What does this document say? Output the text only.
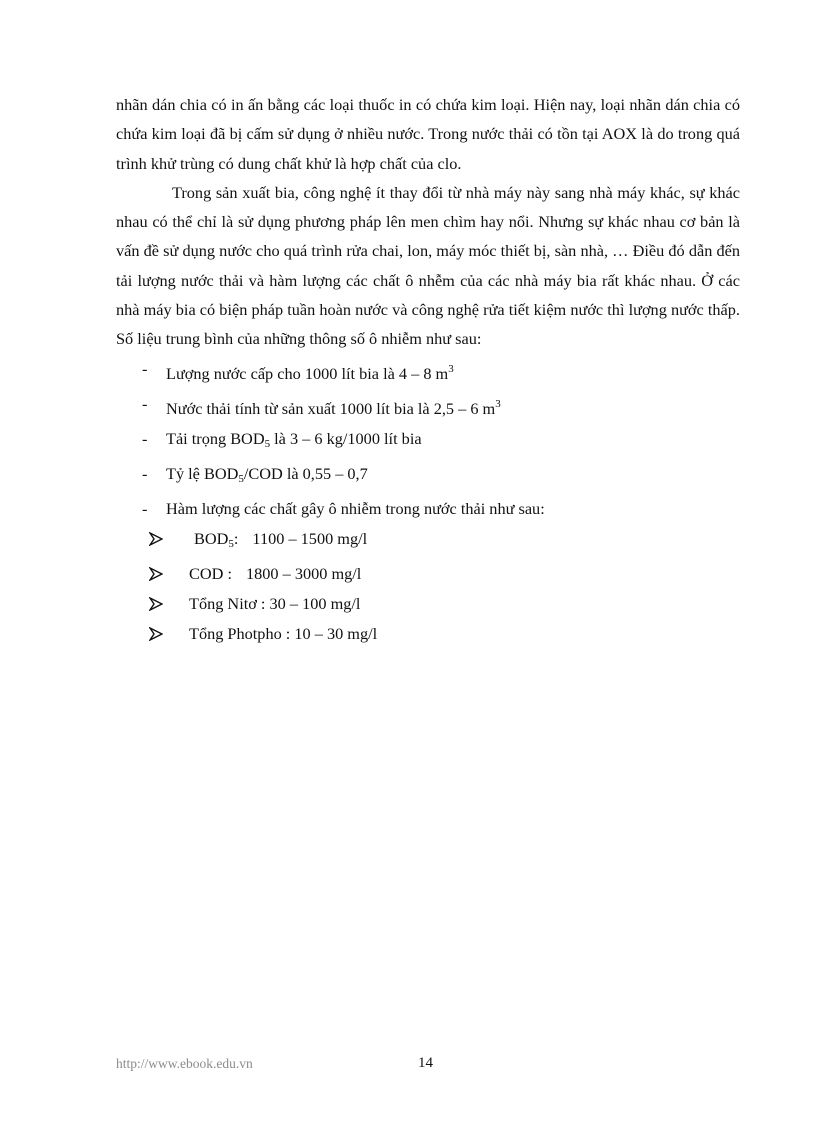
nhãn dán chia có in ấn bằng các loại thuốc in có chứa kim loại. Hiện nay, loại nhãn dán chia có chứa kim loại đã bị cấm sử dụng ở nhiều nước. Trong nước thải có tồn tại AOX là do trong quá trình khử trùng có dung chất khử là hợp chất của clo.

Trong sản xuất bia, công nghệ ít thay đổi từ nhà máy này sang nhà máy khác, sự khác nhau có thể chỉ là sử dụng phương pháp lên men chìm hay nổi. Nhưng sự khác nhau cơ bản là vấn đề sử dụng nước cho quá trình rửa chai, lon, máy móc thiết bị, sàn nhà, … Điều đó dẫn đến tải lượng nước thải và hàm lượng các chất ô nhễm của các nhà máy bia rất khác nhau. Ở các nhà máy bia có biện pháp tuần hoàn nước và công nghệ rửa tiết kiệm nước thì lượng nước thấp. Số liệu trung bình của những thông số ô nhiễm như sau:

- Lượng nước cấp cho 1000 lít bia là 4 – 8 $m^3$
- Nước thải tính từ sản xuất 1000 lít bia là 2,5 – 6 $m^3$
- Tải trọng $BOD_5$ là 3 – 6 kg/1000 lít bia
- Tỷ lệ $BOD_5$/COD là 0,55 – 0,7
- Hàm lượng các chất gây ô nhiễm trong nước thải như sau:
$BOD_5$: 1100 – 1500 mg/l
COD : 1800 – 3000 mg/l
Tổng Nitơ : 30 – 100 mg/l
Tổng Photpho : 10 – 30 mg/l
http://www.ebook.edu.vn	14
